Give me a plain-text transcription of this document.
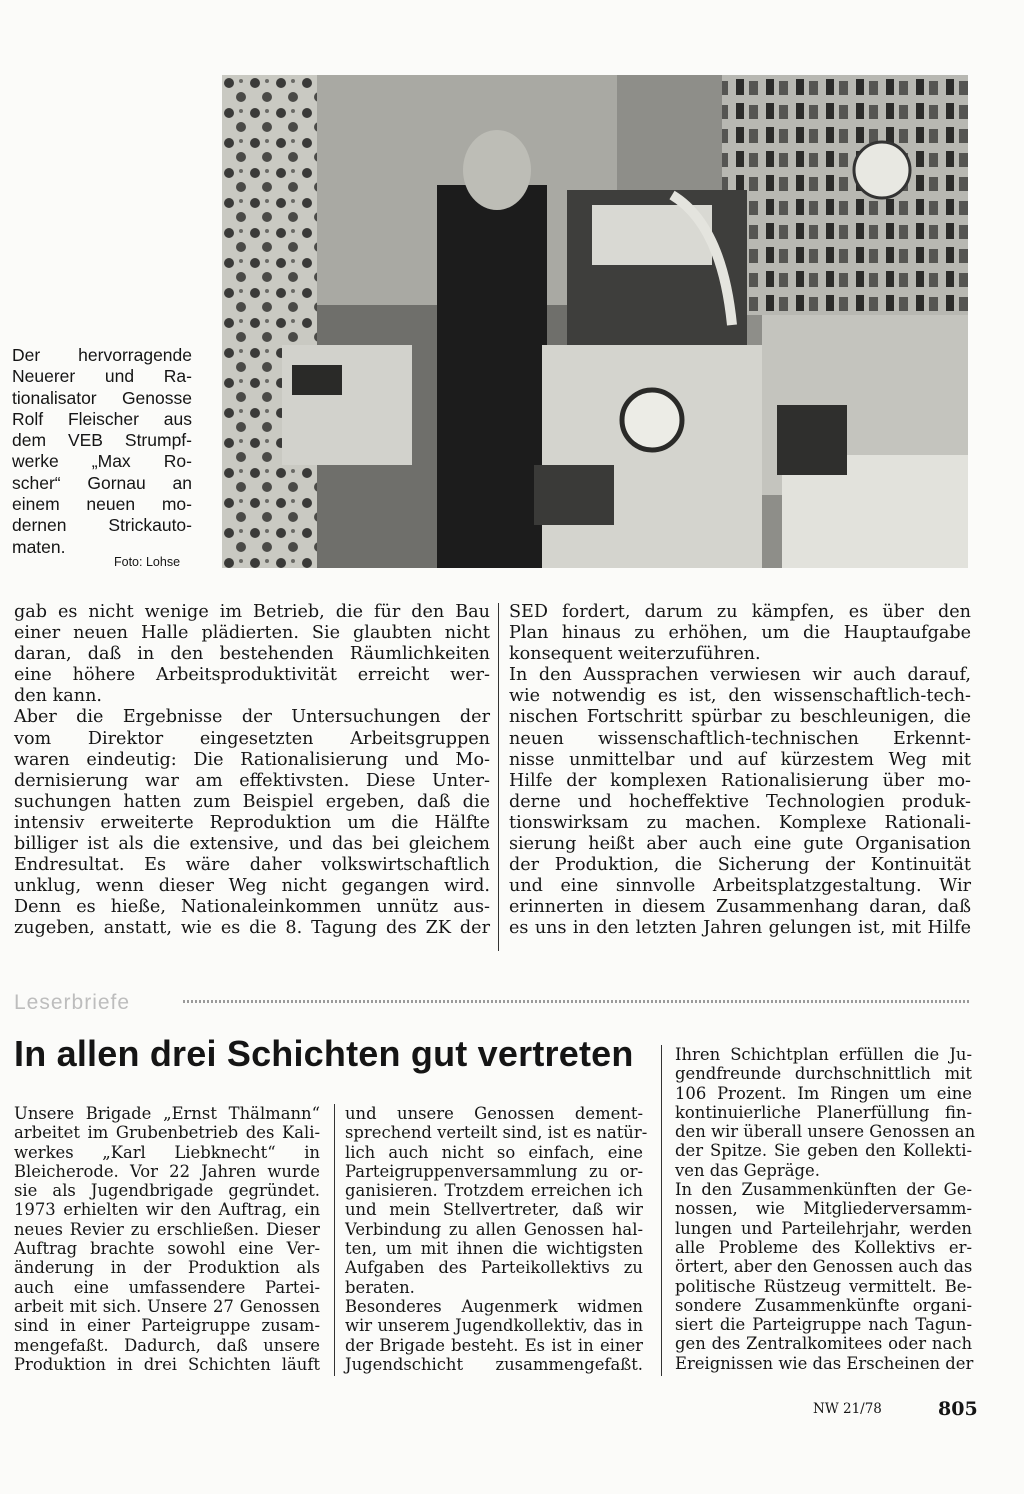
Der hervorragende
Neuerer und Ra-
tionalisator Genosse
Rolf Fleischer aus
dem VEB Strumpf-
werke „Max Ro-
scher“ Gornau an
einem neuen mo-
dernen Strickauto-
maten.
Foto: Lohse
gab es nicht wenige im Betrieb, die für den Bau
einer neuen Halle plädierten. Sie glaubten nicht
daran, daß in den bestehenden Räumlichkeiten
eine höhere Arbeitsproduktivität erreicht wer-
den kann.
Aber die Ergebnisse der Untersuchungen der
vom Direktor eingesetzten Arbeitsgruppen
waren eindeutig: Die Rationalisierung und Mo-
dernisierung war am effektivsten. Diese Unter-
suchungen hatten zum Beispiel ergeben, daß die
intensiv erweiterte Reproduktion um die Hälfte
billiger ist als die extensive, und das bei gleichem
Endresultat. Es wäre daher volkswirtschaftlich
unklug, wenn dieser Weg nicht gegangen wird.
Denn es hieße, Nationaleinkommen unnütz aus-
zugeben, anstatt, wie es die 8. Tagung des ZK der
SED fordert, darum zu kämpfen, es über den
Plan hinaus zu erhöhen, um die Hauptaufgabe
konsequent weiterzuführen.
In den Aussprachen verwiesen wir auch darauf,
wie notwendig es ist, den wissenschaftlich-tech-
nischen Fortschritt spürbar zu beschleunigen, die
neuen wissenschaftlich-technischen Erkennt-
nisse unmittelbar und auf kürzestem Weg mit
Hilfe der komplexen Rationalisierung über mo-
derne und hocheffektive Technologien produk-
tionswirksam zu machen. Komplexe Rationali-
sierung heißt aber auch eine gute Organisation
der Produktion, die Sicherung der Kontinuität
und eine sinnvolle Arbeitsplatzgestaltung. Wir
erinnerten in diesem Zusammenhang daran, daß
es uns in den letzten Jahren gelungen ist, mit Hilfe
Leserbriefe
In allen drei Schichten gut vertreten
Unsere Brigade „Ernst Thälmann“
arbeitet im Grubenbetrieb des Kali-
werkes „Karl Liebknecht“ in
Bleicherode. Vor 22 Jahren wurde
sie als Jugendbrigade gegründet.
1973 erhielten wir den Auftrag, ein
neues Revier zu erschließen. Dieser
Auftrag brachte sowohl eine Ver-
änderung in der Produktion als
auch eine umfassendere Partei-
arbeit mit sich. Unsere 27 Genossen
sind in einer Parteigruppe zusam-
mengefaßt. Dadurch, daß unsere
Produktion in drei Schichten läuft
und unsere Genossen dement-
sprechend verteilt sind, ist es natür-
lich auch nicht so einfach, eine
Parteigruppenversammlung zu or-
ganisieren. Trotzdem erreichen ich
und mein Stellvertreter, daß wir
Verbindung zu allen Genossen hal-
ten, um mit ihnen die wichtigsten
Aufgaben des Parteikollektivs zu
beraten.
Besonderes Augenmerk widmen
wir unserem Jugendkollektiv, das in
der Brigade besteht. Es ist in einer
Jugendschicht zusammengefaßt.
Ihren Schichtplan erfüllen die Ju-
gendfreunde durchschnittlich mit
106 Prozent. Im Ringen um eine
kontinuierliche Planerfüllung fin-
den wir überall unsere Genossen an
der Spitze. Sie geben den Kollekti-
ven das Gepräge.
In den Zusammenkünften der Ge-
nossen, wie Mitgliederversamm-
lungen und Parteilehrjahr, werden
alle Probleme des Kollektivs er-
örtert, aber den Genossen auch das
politische Rüstzeug vermittelt. Be-
sondere Zusammenkünfte organi-
siert die Parteigruppe nach Tagun-
gen des Zentralkomitees oder nach
Ereignissen wie das Erscheinen der
NW 21/78	805
